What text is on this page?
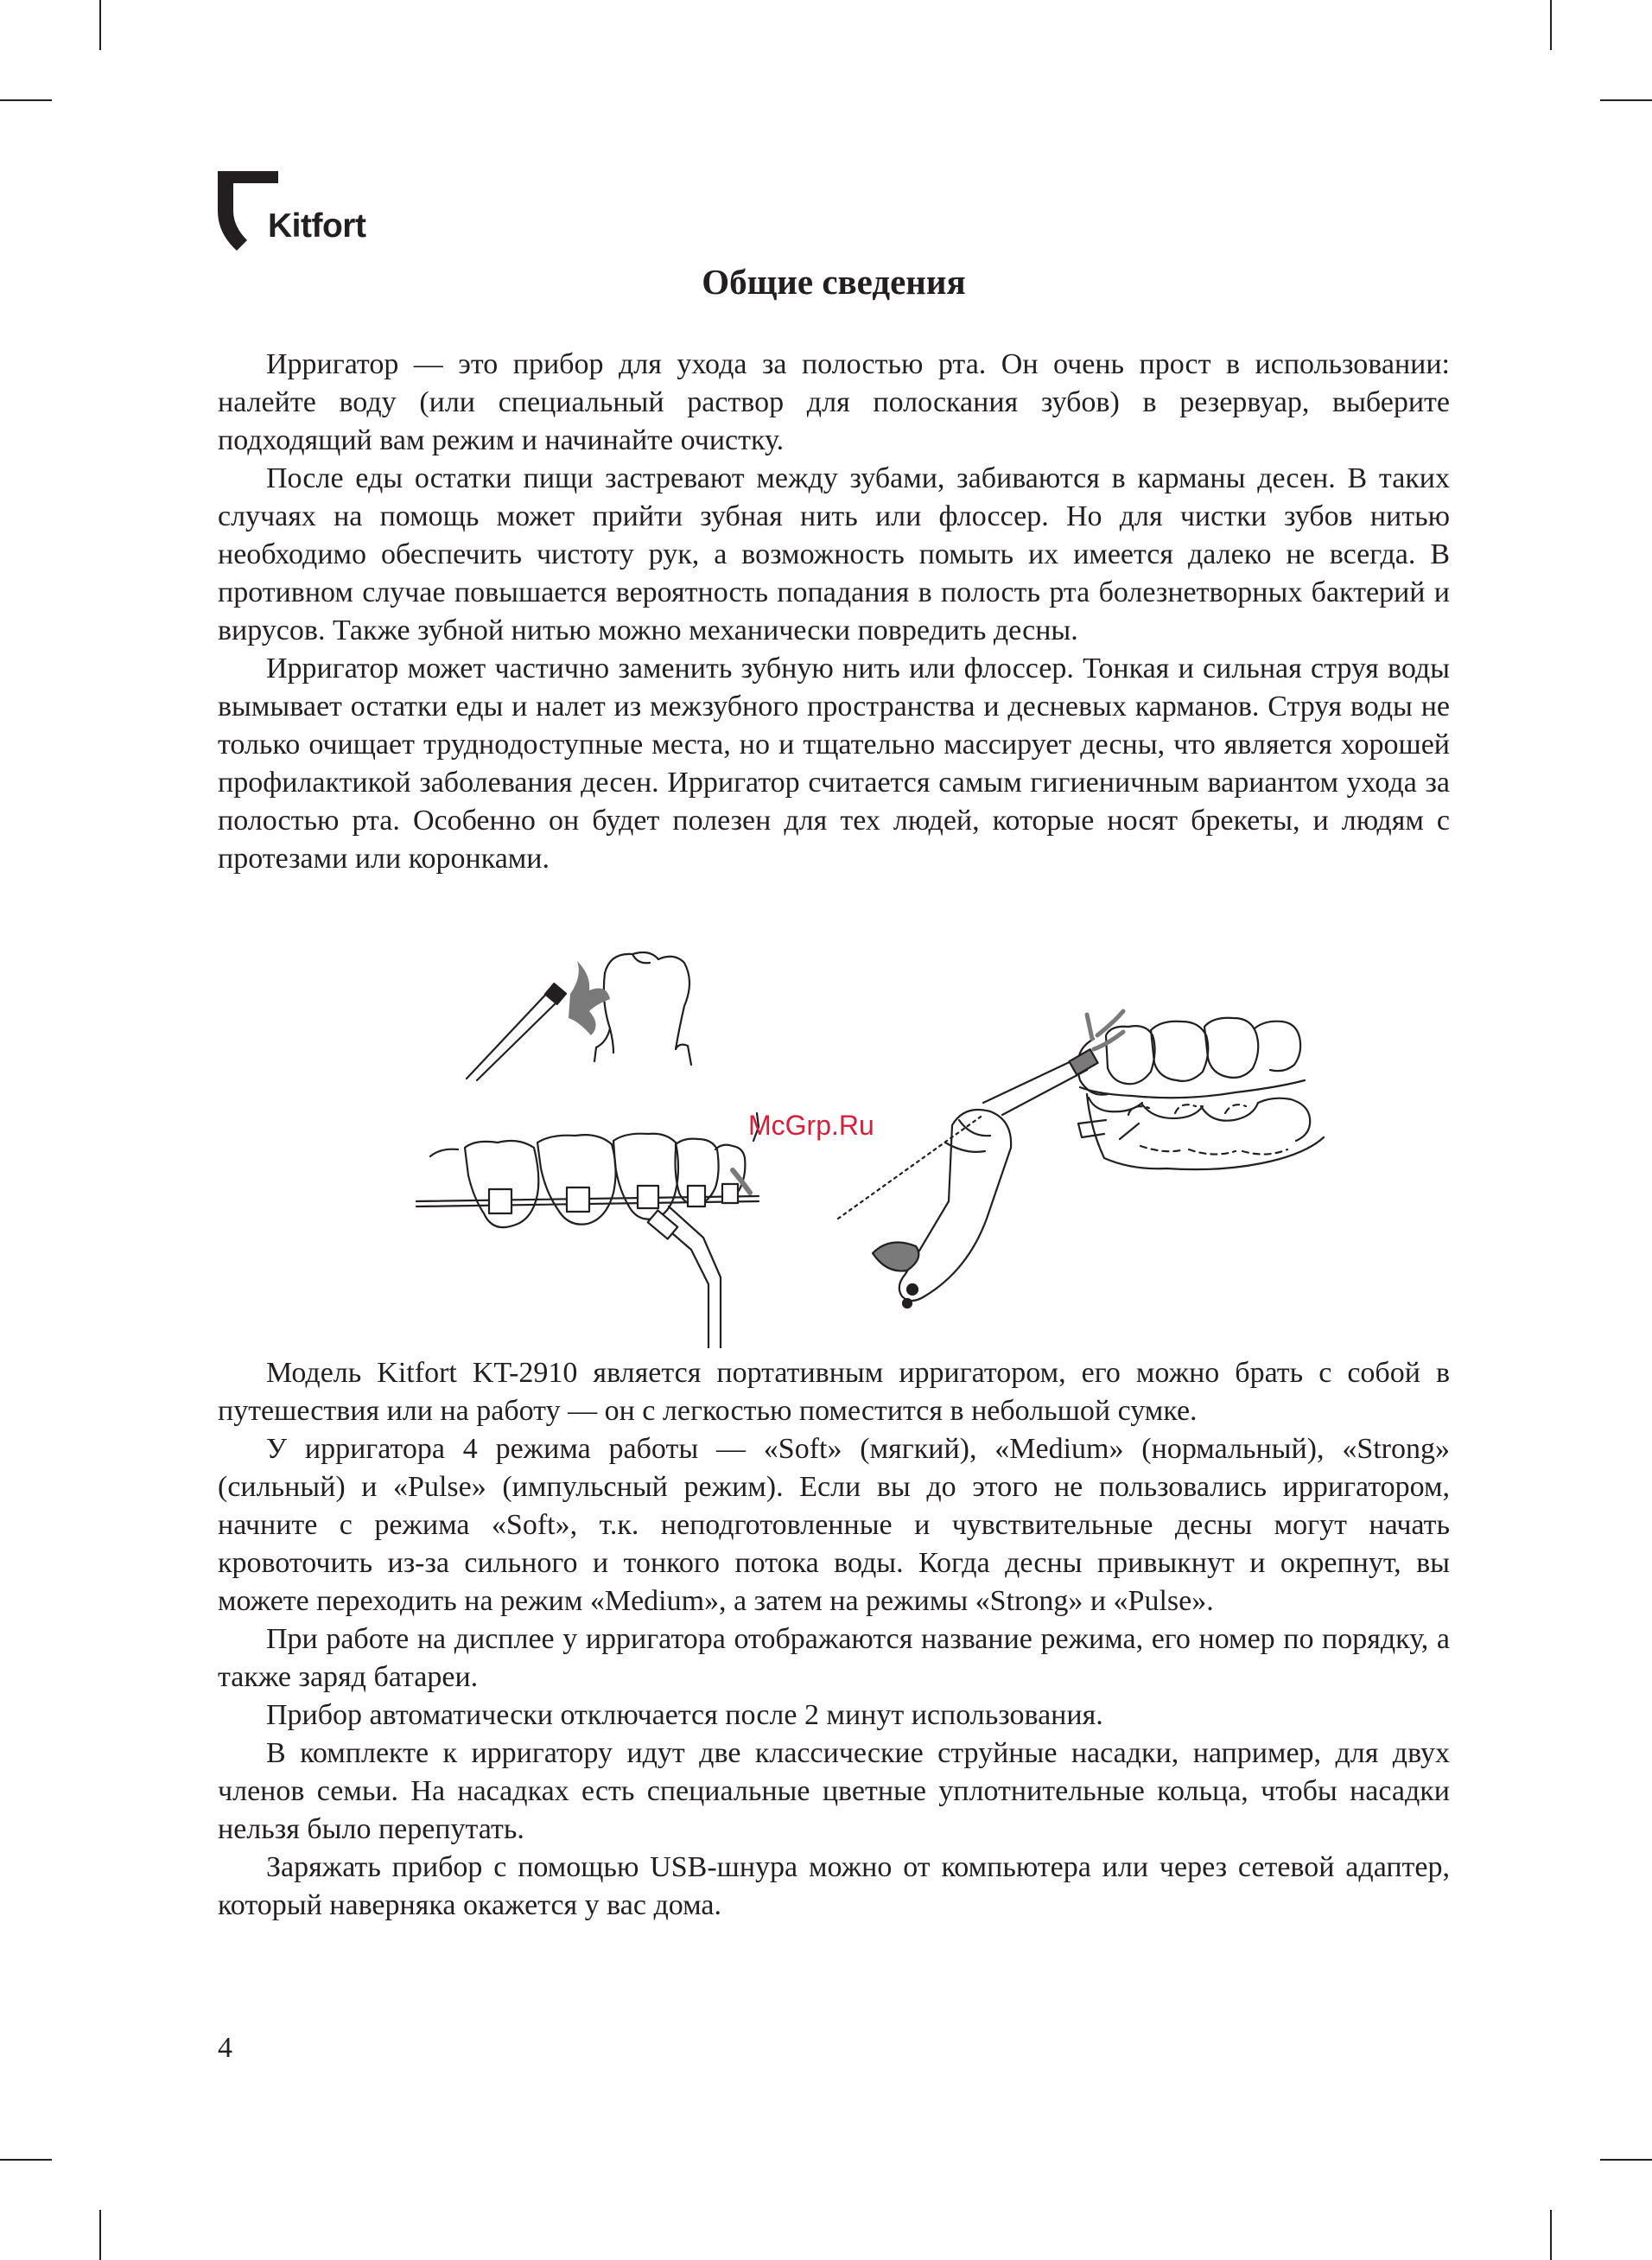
Kitfort
Общие сведения

Ирригатор — это прибор для ухода за полостью рта. Он очень прост в использовании: налейте воду (или специальный раствор для полоскания зубов) в резервуар, выберите подходящий вам режим и начинайте очистку.

После еды остатки пищи застревают между зубами, забиваются в карманы десен. В таких случаях на помощь может прийти зубная нить или флоссер. Но для чистки зубов нитью необходимо обеспечить чистоту рук, а возможность помыть их имеется далеко не всегда. В противном случае повышается вероятность попадания в полость рта болезнетворных бактерий и вирусов. Также зубной нитью можно механически повредить десны.

Ирригатор может частично заменить зубную нить или флоссер. Тонкая и сильная струя воды вымывает остатки еды и налет из межзубного пространства и десневых карманов. Струя воды не только очищает труднодоступные места, но и тщательно массирует десны, что является хорошей профилактикой заболевания десен. Ирригатор считается самым гигиеничным вариантом ухода за полостью рта. Особенно он будет полезен для тех людей, которые носят брекеты, и людям с протезами или коронками.

McGrp.Ru

Модель Kitfort KT-2910 является портативным ирригатором, его можно брать с собой в путешествия или на работу — он с легкостью поместится в небольшой сумке.

У ирригатора 4 режима работы — «Soft» (мягкий), «Medium» (нормальный), «Strong» (сильный) и «Pulse» (импульсный режим). Если вы до этого не пользовались ирригатором, начните с режима «Soft», т.к. неподготовленные и чувствительные десны могут начать кровоточить из-за сильного и тонкого потока воды. Когда десны привыкнут и окрепнут, вы можете переходить на режим «Medium», а затем на режимы «Strong» и «Pulse».

При работе на дисплее у ирригатора отображаются название режима, его номер по порядку, а также заряд батареи.

Прибор автоматически отключается после 2 минут использования.

В комплекте к ирригатору идут две классические струйные насадки, например, для двух членов семьи. На насадках есть специальные цветные уплотнительные кольца, чтобы насадки нельзя было перепутать.

Заряжать прибор с помощью USB-шнура можно от компьютера или через сетевой адаптер, который наверняка окажется у вас дома.

4
